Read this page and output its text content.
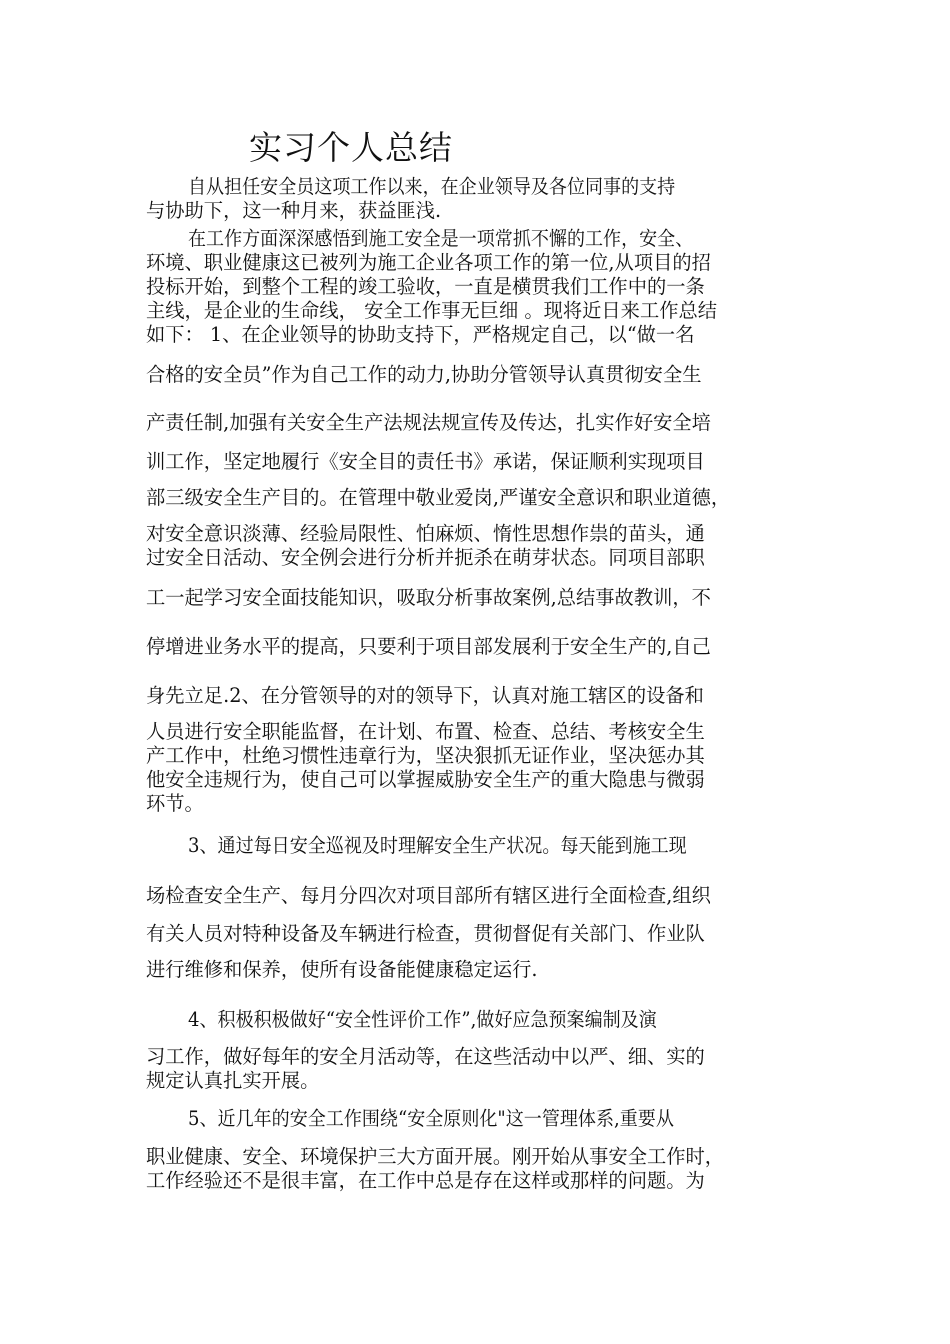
实习个人总结
自从担任安全员这项工作以来，在企业领导及各位同事的支持
与协助下，这一种月来，获益匪浅.
在工作方面深深感悟到施工安全是一项常抓不懈的工作，安全、
环境、职业健康这已被列为施工企业各项工作的第一位,从项目的招
投标开始，到整个工程的竣工验收，一直是横贯我们工作中的一条
主线，是企业的生命线， 安全工作事无巨细 。现将近日来工作总结
如下： 1、在企业领导的协助支持下，严格规定自己，以“做一名
合格的安全员”作为自己工作的动力,协助分管领导认真贯彻安全生
产责任制,加强有关安全生产法规法规宣传及传达，扎实作好安全培
训工作，坚定地履行《安全目的责任书》承诺，保证顺利实现项目
部三级安全生产目的。在管理中敬业爱岗,严谨安全意识和职业道德，
对安全意识淡薄、经验局限性、怕麻烦、惰性思想作祟的苗头，通
过安全日活动、安全例会进行分析并扼杀在萌芽状态。同项目部职
工一起学习安全面技能知识，吸取分析事故案例,总结事故教训，不
停增进业务水平的提高，只要利于项目部发展利于安全生产的,自己
身先立足.2、在分管领导的对的领导下，认真对施工辖区的设备和
人员进行安全职能监督，在计划、布置、检查、总结、考核安全生
产工作中，杜绝习惯性违章行为，坚决狠抓无证作业，坚决惩办其
他安全违规行为，使自己可以掌握威胁安全生产的重大隐患与微弱
环节。
3、通过每日安全巡视及时理解安全生产状况。每天能到施工现
场检查安全生产、每月分四次对项目部所有辖区进行全面检查,组织
有关人员对特种设备及车辆进行检查，贯彻督促有关部门、作业队
进行维修和保养，使所有设备能健康稳定运行.
4、积极积极做好“安全性评价工作”,做好应急预案编制及演
习工作，做好每年的安全月活动等，在这些活动中以严、细、实的
规定认真扎实开展。
5、近几年的安全工作围绕“安全原则化"这一管理体系,重要从
职业健康、安全、环境保护三大方面开展。刚开始从事安全工作时，
工作经验还不是很丰富，在工作中总是存在这样或那样的问题。为
